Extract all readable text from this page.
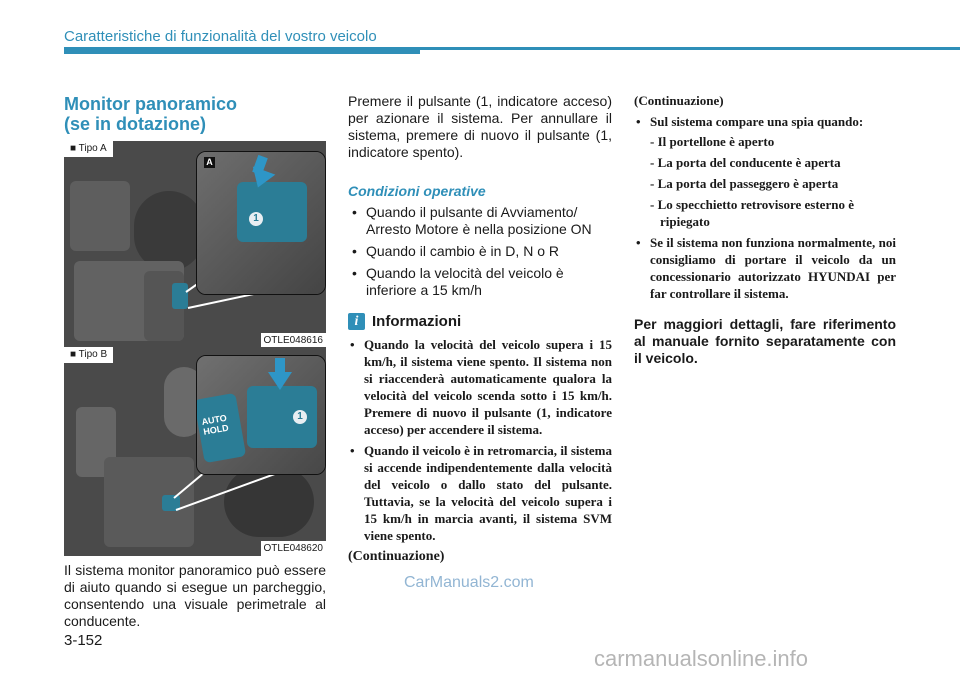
Caratteristiche di funzionalità del vostro veicolo
Monitor panoramico
(se in dotazione)
1
A
■ Tipo A
OTLE048616
AUTO HOLD
1
■ Tipo B
OTLE048620
Il sistema monitor panoramico può essere di aiuto quando si esegue un parcheggio, consentendo una visuale perimetrale al conducente.

Premere il pulsante (1, indicatore acceso) per azionare il sistema. Per annullare il sistema, premere di nuovo il pulsante (1, indicatore spento).

Condizioni operative

• Quando il pulsante di Avviamento/ Arresto Motore è nella posizione ON
• Quando il cambio è in D, N o R
• Quando la velocità del veicolo è inferiore a 15 km/h
i Informazioni
• Quando la velocità del veicolo supera i 15 km/h, il sistema viene spento. Il sistema non si riaccenderà automaticamente qualora la velocità del veicolo scenda sotto i 15 km/h. Premere di nuovo il pulsante (1, indicatore acceso) per accendere il sistema.
• Quando il veicolo è in retromarcia, il sistema si accende indipendentemente dalla velocità del veicolo o dallo stato del pulsante. Tuttavia, se la velocità del veicolo supera i 15 km/h in marcia avanti, il sistema SVM viene spento.

(Continuazione)

(Continuazione)

• Sul sistema compare una spia quando:
- Il portellone è aperto
- La porta del conducente è aperta
- La porta del passeggero è aperta
- Lo specchietto retrovisore esterno è ripiegato
• Se il sistema non funziona normalmente, noi consigliamo di portare il veicolo da un concessionario autorizzato HYUNDAI per far controllare il sistema.
Per maggiori dettagli, fare riferimento al manuale fornito separatamente con il veicolo.
3-152
CarManuals2.com
carmanualsonline.info
